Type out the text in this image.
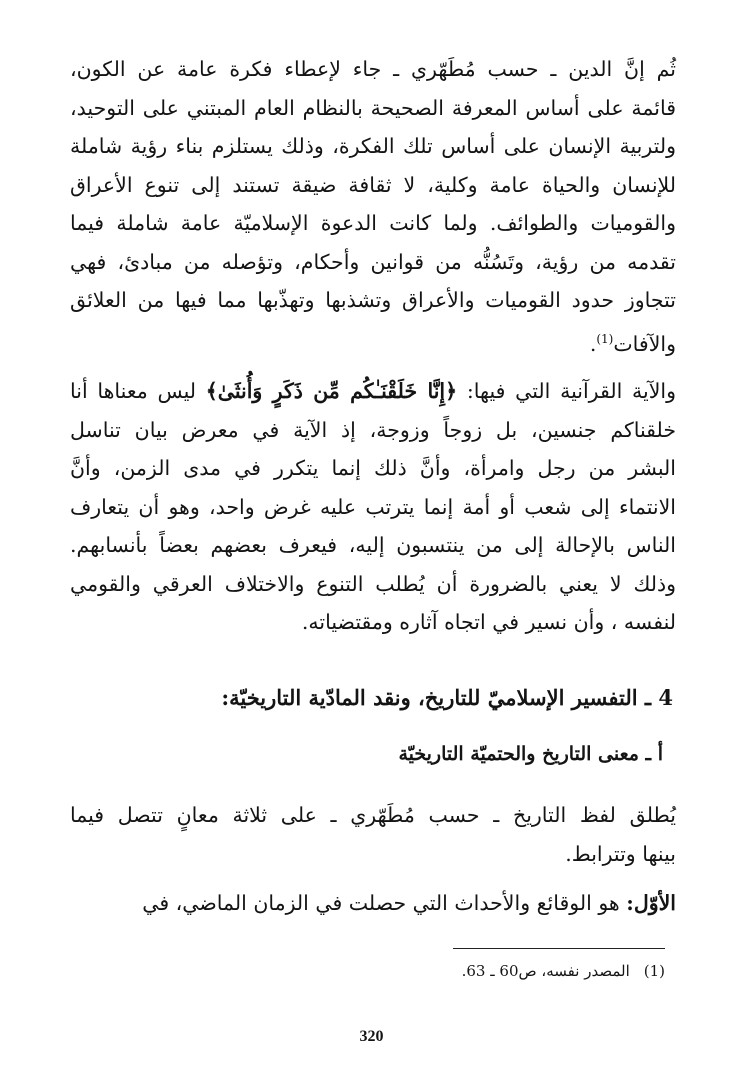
ثُم إنَّ الدين ـ حسب مُطَهّري ـ جاء لإعطاء فكرة عامة عن الكون،
قائمة على أساس المعرفة الصحيحة بالنظام العام المبتني على التوحيد،
ولتربية الإنسان على أساس تلك الفكرة، وذلك يستلزم بناء رؤية شاملة
للإنسان والحياة عامة وكلية، لا ثقافة ضيقة تستند إلى تنوع الأعراق
والقوميات والطوائف. ولما كانت الدعوة الإسلاميّة عامة شاملة فيما
تقدمه من رؤية، وتَسُنُّه من قوانين وأحكام، وتؤصله من مبادئ، فهي
تتجاوز حدود القوميات والأعراق وتشذبها وتهذّبها مما فيها من العلائق
والآفات$^{(1)}$.
والآية القرآنية التي فيها: ﴿إِنَّا خَلَقْنَـٰكُم مِّن ذَكَرٍ وَأُنثَىٰ﴾ ليس معناها أنا
خلقناكم جنسين، بل زوجاً وزوجة، إذ الآية في معرض بيان تناسل
البشر من رجل وامرأة، وأنَّ ذلك إنما يتكرر في مدى الزمن، وأنَّ
الانتماء إلى شعب أو أمة إنما يترتب عليه غرض واحد، وهو أن يتعارف
الناس بالإحالة إلى من ينتسبون إليه، فيعرف بعضهم بعضاً بأنسابهم.
وذلك لا يعني بالضرورة أن يُطلب التنوع والاختلاف العرقي والقومي
لنفسه ، وأن نسير في اتجاه آثاره ومقتضياته.
4 ـ التفسير الإسلاميّ للتاريخ، ونقد المادّية التاريخيّة:
أ ـ معنى التاريخ والحتميّة التاريخيّة
يُطلق لفظ التاريخ ـ حسب مُطَهّري ـ على ثلاثة معانٍ تتصل فيما
بينها وتترابط.
الأوّل: هو الوقائع والأحداث التي حصلت في الزمان الماضي، في
(1)المصدر نفسه، ص60 ـ 63.
320
